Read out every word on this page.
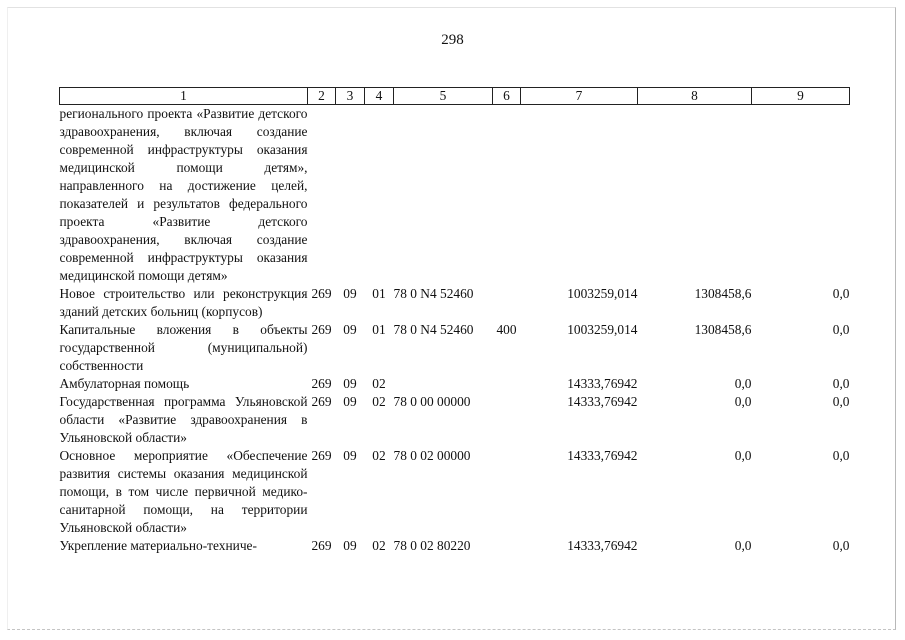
298
1	2	3	4	5	6	7	8	9
регионального проекта «Развитие детского здравоохранения, включая создание современной инфраструктуры оказания медицинской помощи детям», направленного на достижение целей, показателей и результатов федерального проекта «Развитие детского здравоохранения, включая создание современной инфраструктуры оказания медицинской помощи детям»								
Новое строительство или реконструкция зданий детских больниц (корпусов)	269	09	01	78 0 N4 52460		1003259,014	1308458,6	0,0
Капитальные вложения в объекты государственной (муниципальной) собственности	269	09	01	78 0 N4 52460	400	1003259,014	1308458,6	0,0
Амбулаторная помощь	269	09	02			14333,76942	0,0	0,0
Государственная программа Ульяновской области «Развитие здравоохранения в Ульяновской области»	269	09	02	78 0 00 00000		14333,76942	0,0	0,0
Основное мероприятие «Обеспечение развития системы оказания медицинской помощи, в том числе первичной медико-санитарной помощи, на территории Ульяновской области»	269	09	02	78 0 02 00000		14333,76942	0,0	0,0
Укрепление материально-техниче-	269	09	02	78 0 02 80220		14333,76942	0,0	0,0
